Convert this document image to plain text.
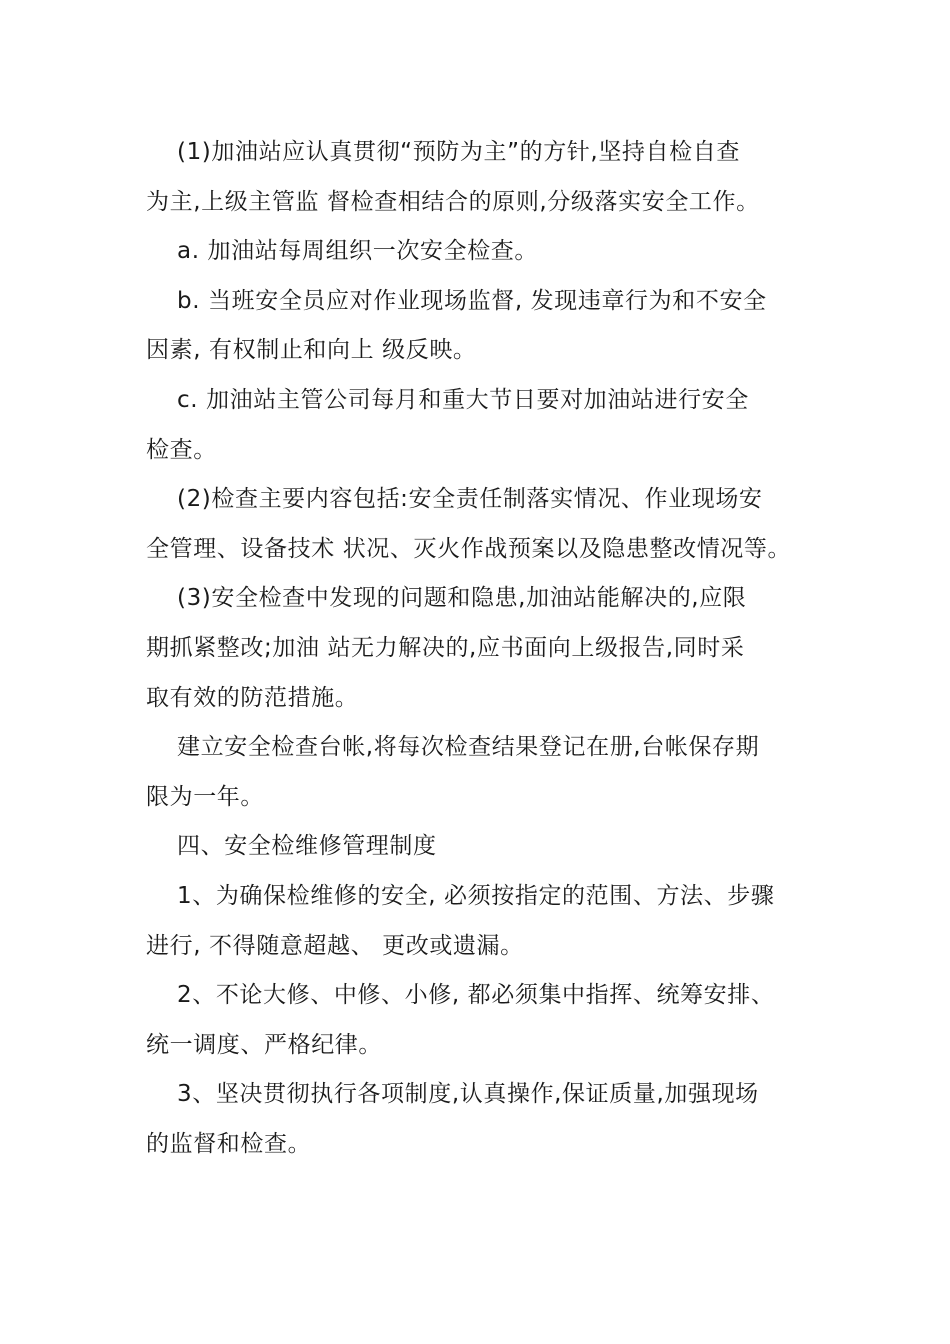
(1)加油站应认真贯彻“预防为主”的方针,坚持自检自查
为主,上级主管监 督检查相结合的原则,分级落实安全工作。

a. 加油站每周组织一次安全检查。

b. 当班安全员应对作业现场监督, 发现违章行为和不安全
因素, 有权制止和向上 级反映。

c. 加油站主管公司每月和重大节日要对加油站进行安全
检查。

(2)检查主要内容包括:安全责任制落实情况、作业现场安
全管理、设备技术 状况、灭火作战预案以及隐患整改情况等。

(3)安全检查中发现的问题和隐患,加油站能解决的,应限
期抓紧整改;加油 站无力解决的,应书面向上级报告,同时采
取有效的防范措施。

建立安全检查台帐,将每次检查结果登记在册,台帐保存期
限为一年。

四、安全检维修管理制度

1、为确保检维修的安全, 必须按指定的范围、方法、步骤
进行, 不得随意超越、 更改或遗漏。

2、不论大修、中修、小修, 都必须集中指挥、统筹安排、
统一调度、严格纪律。

3、坚决贯彻执行各项制度,认真操作,保证质量,加强现场
的监督和检查。
